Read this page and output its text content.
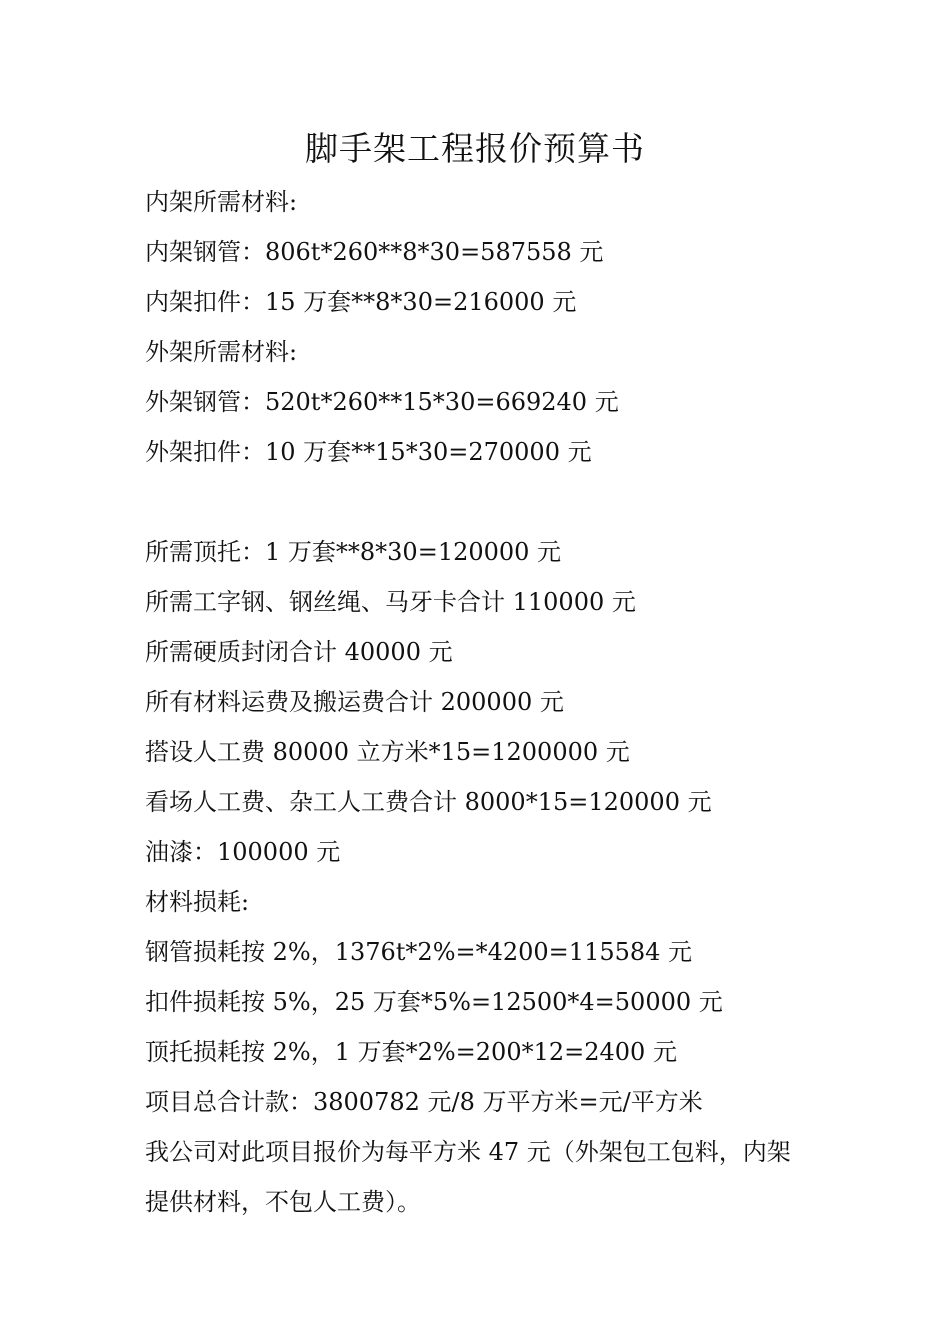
脚手架工程报价预算书
内架所需材料:
内架钢管：806t*260**8*30=587558 元
内架扣件：15 万套**8*30=216000 元
外架所需材料:
外架钢管：520t*260**15*30=669240 元
外架扣件：10 万套**15*30=270000 元
所需顶托：1 万套**8*30=120000 元
所需工字钢、钢丝绳、马牙卡合计 110000 元
所需硬质封闭合计 40000 元
所有材料运费及搬运费合计 200000 元
搭设人工费 80000 立方米*15=1200000 元
看场人工费、杂工人工费合计 8000*15=120000 元
油漆：100000 元
材料损耗:
钢管损耗按 2%，1376t*2%=*4200=115584 元
扣件损耗按 5%，25 万套*5%=12500*4=50000 元
顶托损耗按 2%，1 万套*2%=200*12=2400 元
项目总合计款：3800782 元/8 万平方米=元/平方米
我公司对此项目报价为每平方米 47 元（外架包工包料，内架提供材料，不包人工费）。
